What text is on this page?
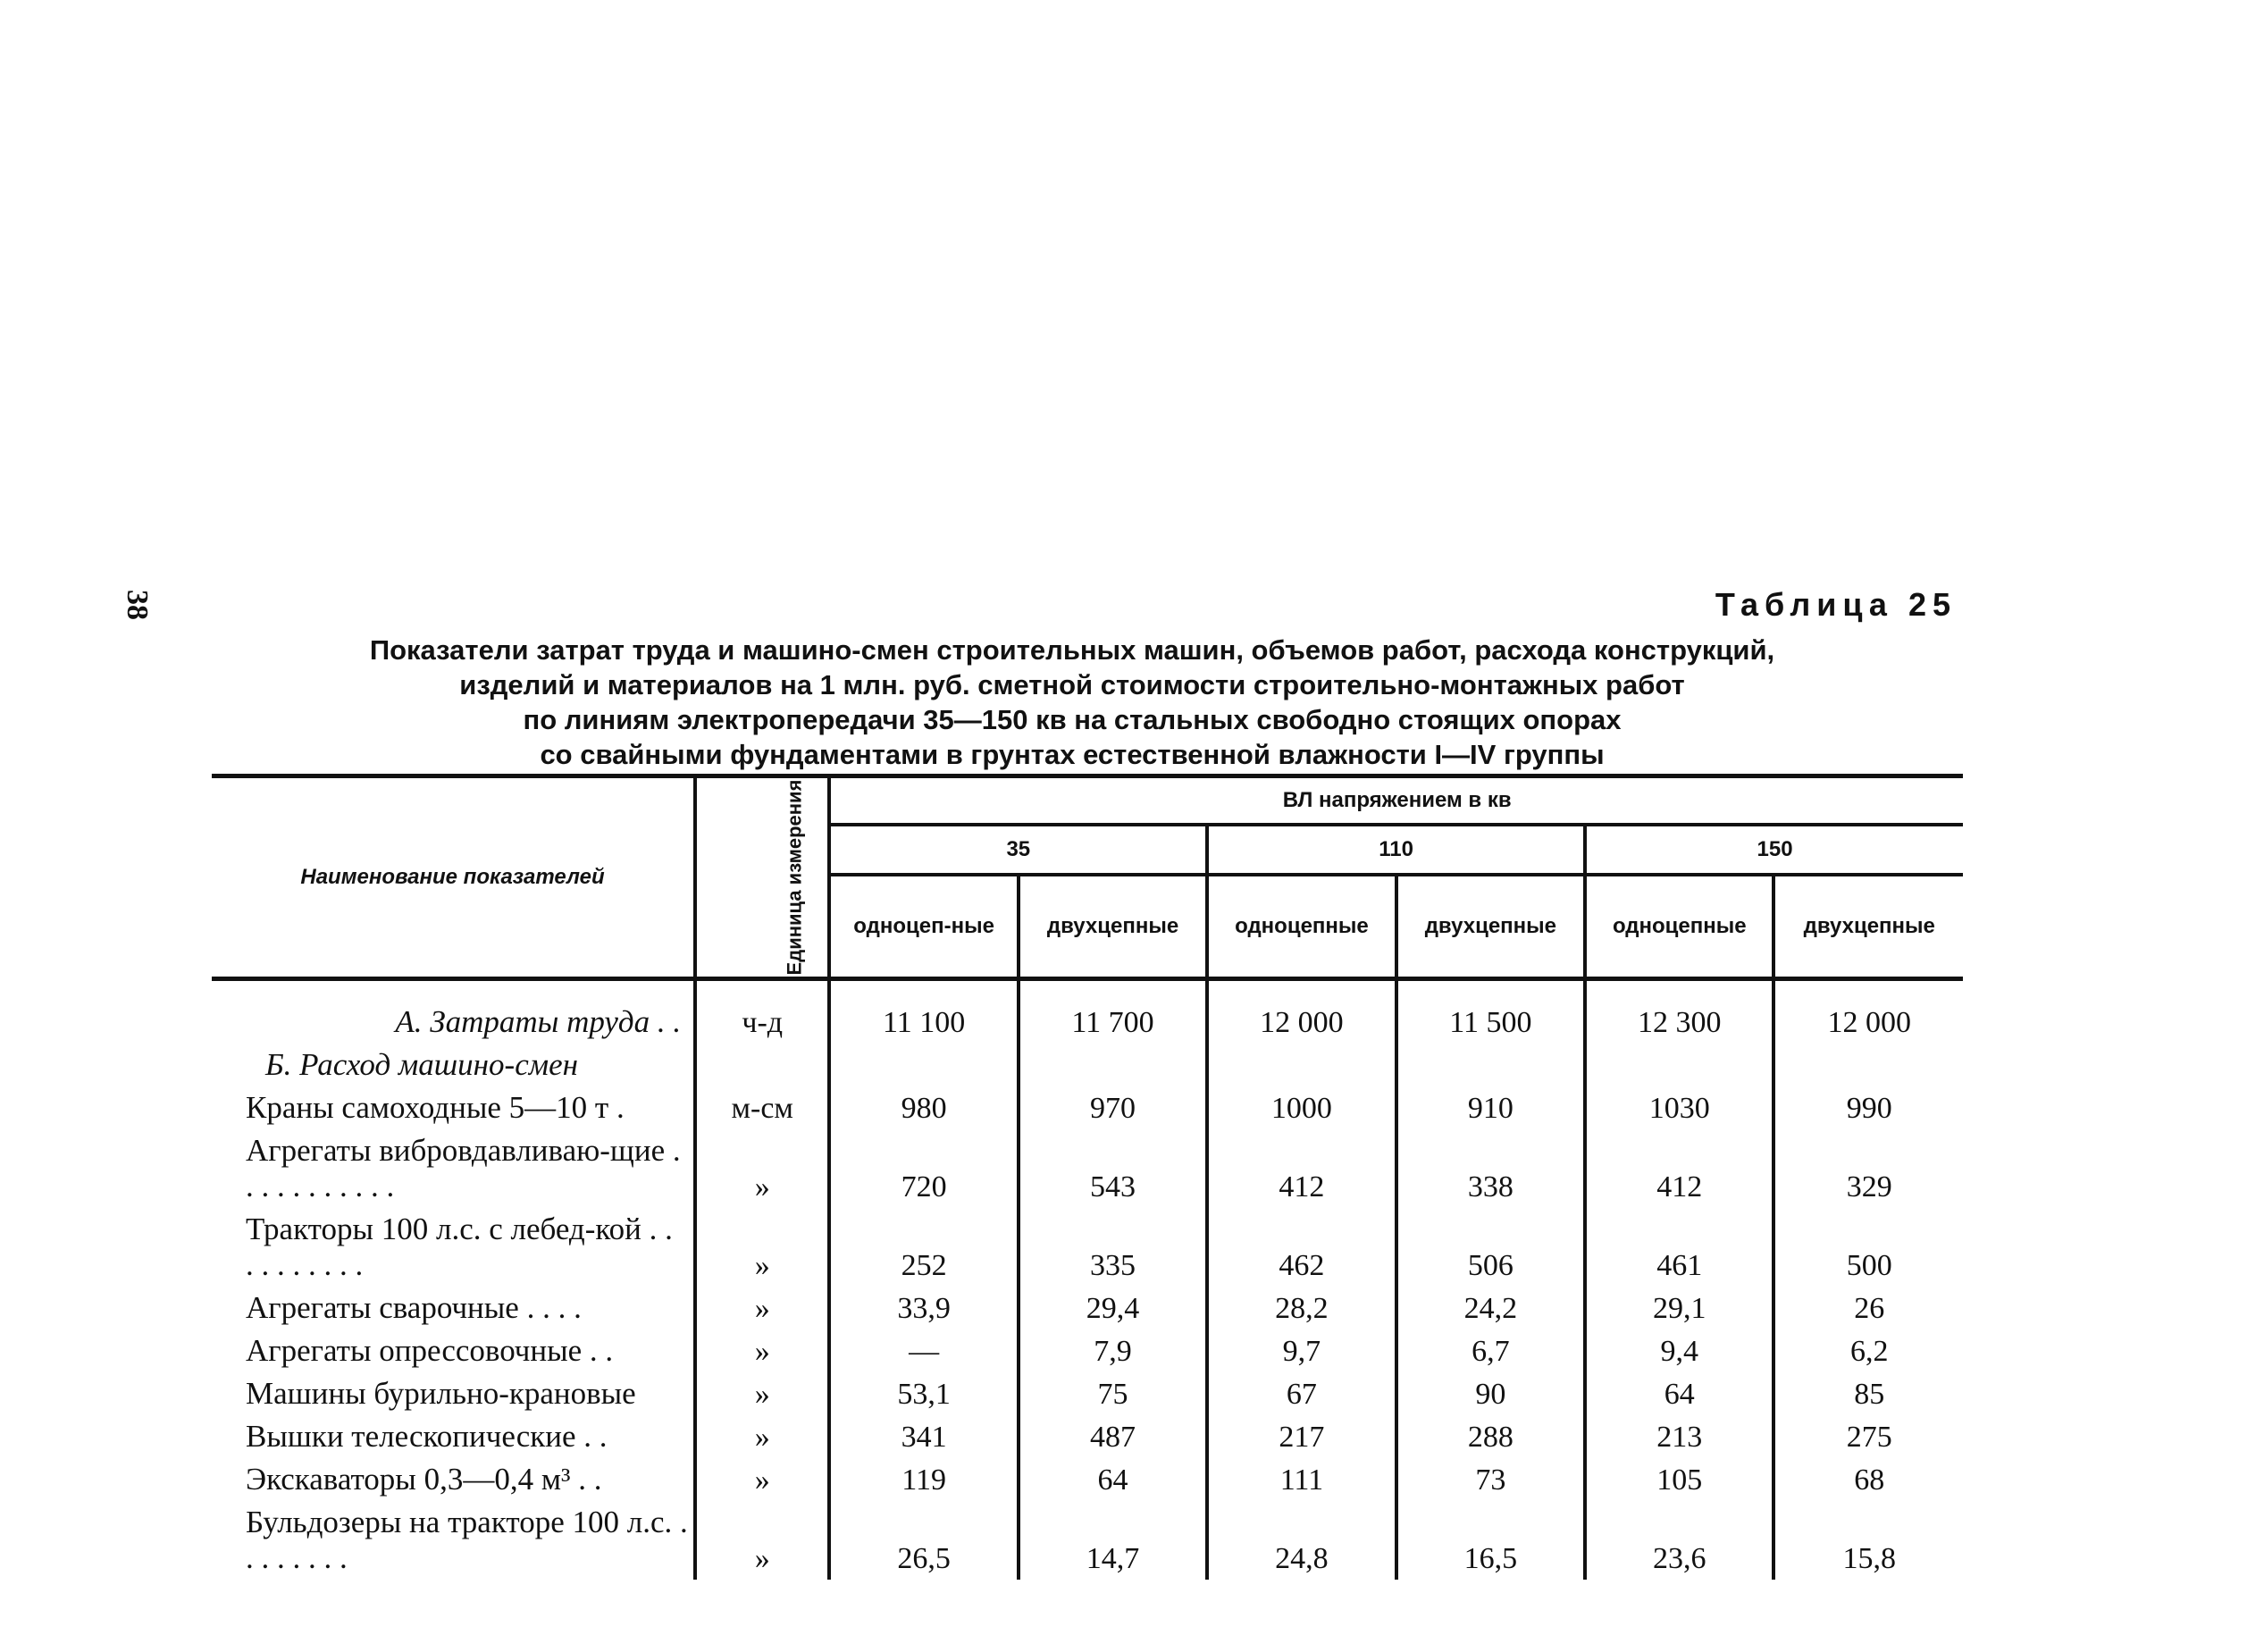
38	Таблица 25
Показатели затрат труда и машино-смен строительных машин, объемов работ, расхода конструкций,
изделий и материалов на 1 млн. руб. сметной стоимости строительно-монтажных работ
по линиям электропередачи 35—150 кв на стальных свободно стоящих опорах
со свайными фундаментами в грунтах естественной влажности I—IV группы
Наименование показателей	Единица измерения	ВЛ напряжением в кв					
		35		110		150	
		одноцеп-ные	двухцепные	одноцепные	двухцепные	одноцепные	двухцепные
А. Затраты труда . .	ч-д	11 100	11 700	12 000	11 500	12 300	12 000
Б. Расход машино-смен							
Краны самоходные 5—10 т .	м-см	980	970	1000	910	1030	990
Агрегаты вибровдавливаю-щие . . . . . . . . . . .	»	720	543	412	338	412	329
Тракторы 100 л.с. с лебед-кой . . . . . . . . . .	»	252	335	462	506	461	500
Агрегаты сварочные . . . .	»	33,9	29,4	28,2	24,2	29,1	26
Агрегаты опрессовочные . .	»	—	7,9	9,7	6,7	9,4	6,2
Машины бурильно-крановые	»	53,1	75	67	90	64	85
Вышки телескопические . .	»	341	487	217	288	213	275
Экскаваторы 0,3—0,4 м³ . .	»	119	64	111	73	105	68
Бульдозеры на тракторе 100 л.с. . . . . . . . .	»	26,5	14,7	24,8	16,5	23,6	15,8
